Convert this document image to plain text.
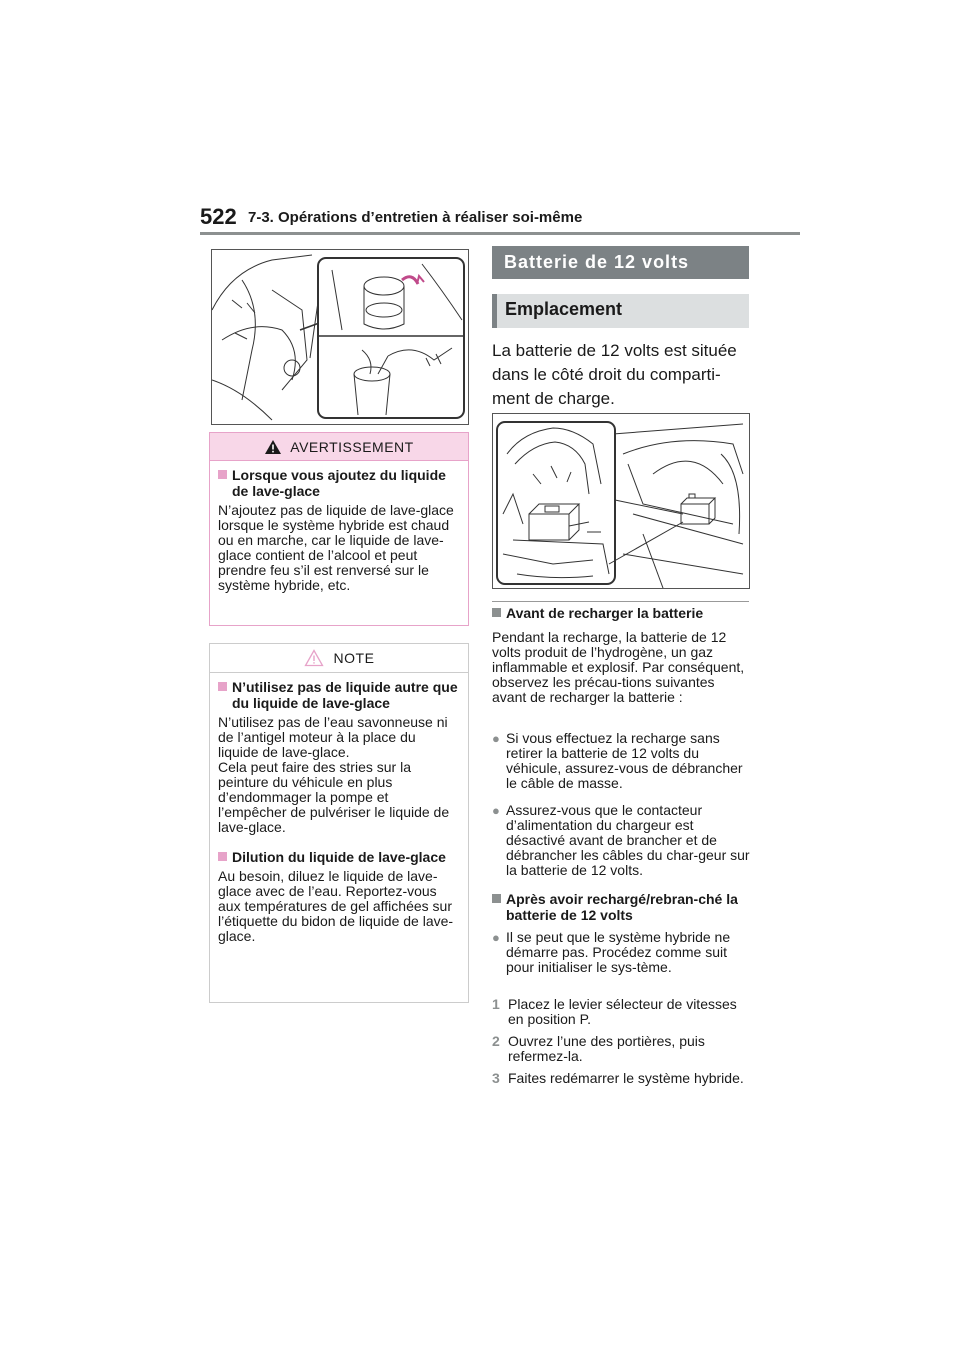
522 7-3. Opérations d’entretien à réaliser soi-même
AVERTISSEMENT
Lorsque vous ajoutez du liquide de lave-glace
N’ajoutez pas de liquide de lave-glace lorsque le système hybride est chaud ou en marche, car le liquide de lave-glace contient de l’alcool et peut prendre feu s’il est renversé sur le système hybride, etc.
NOTE
N’utilisez pas de liquide autre que du liquide de lave-glace
N’utilisez pas de l’eau savonneuse ni de l’antigel moteur à la place du liquide de lave-glace.
Cela peut faire des stries sur la peinture du véhicule en plus d’endommager la pompe et l’empêcher de pulvériser le liquide de lave-glace.
Dilution du liquide de lave-glace
Au besoin, diluez le liquide de lave-glace avec de l’eau. Reportez-vous aux températures de gel affichées sur l’étiquette du bidon de liquide de lave-glace.
Batterie de 12 volts
Emplacement
La batterie de 12 volts est située dans le côté droit du comparti-ment de charge.
Avant de recharger la batterie
Pendant la recharge, la batterie de 12 volts produit de l’hydrogène, un gaz inflammable et explosif. Par conséquent, observez les précau-tions suivantes avant de recharger la batterie :
● Si vous effectuez la recharge sans retirer la batterie de 12 volts du véhicule, assurez-vous de débrancher le câble de masse.
● Assurez-vous que le contacteur d’alimentation du chargeur est désactivé avant de brancher et de débrancher les câbles du char-geur sur la batterie de 12 volts.
Après avoir rechargé/rebran-ché la batterie de 12 volts
● Il se peut que le système hybride ne démarre pas. Procédez comme suit pour initialiser le sys-tème.
1 Placez le levier sélecteur de vitesses en position P.
2 Ouvrez l’une des portières, puis refermez-la.
3 Faites redémarrer le système hybride.
